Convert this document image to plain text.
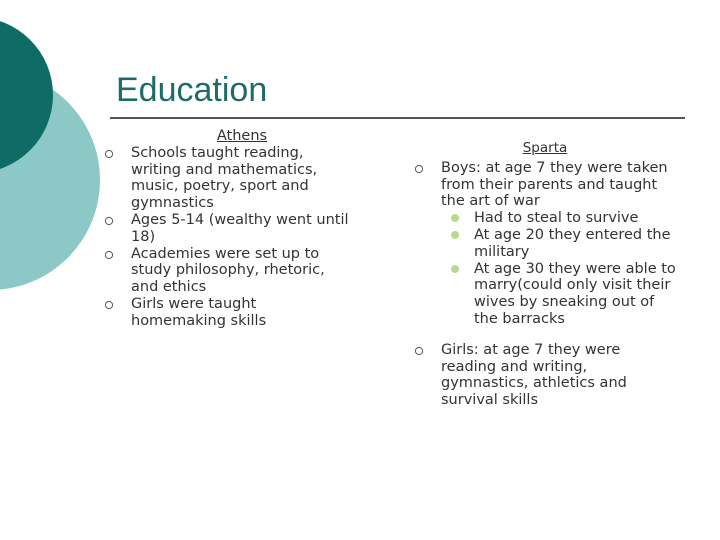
Education
Athens
Schools taught reading, writing and mathematics, music, poetry, sport and gymnastics
Ages 5-14 (wealthy went until 18)
Academies were set up to study philosophy, rhetoric, and ethics
Girls were taught homemaking skills
Sparta
Boys: at age 7 they were taken from their parents and taught the art of war
Had to steal to survive
At age 20 they entered the military
At age 30 they were able to marry(could only visit their wives by sneaking out of the barracks
Girls: at age 7 they were reading and writing, gymnastics, athletics and survival skills
